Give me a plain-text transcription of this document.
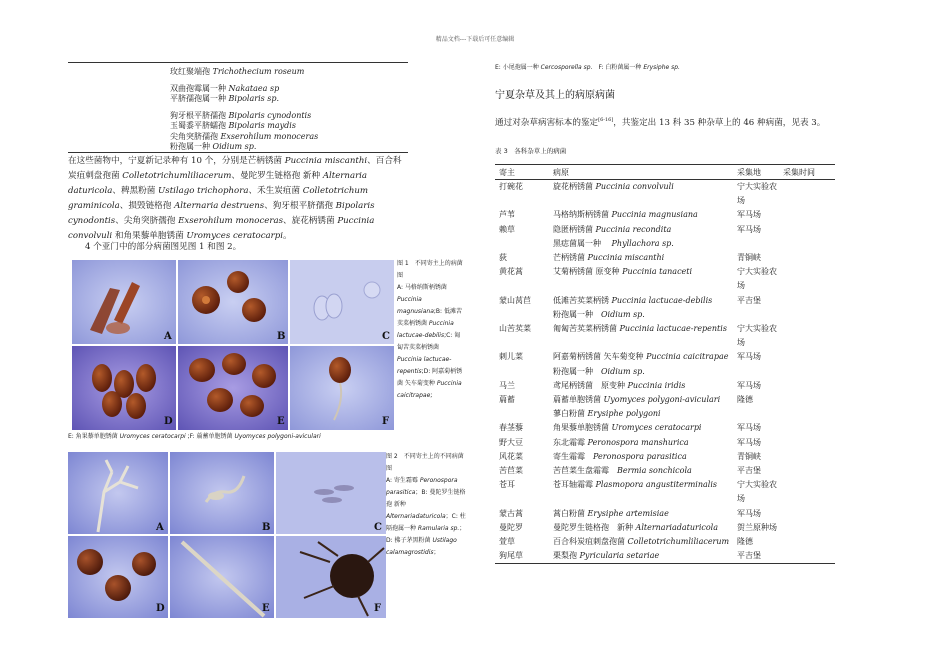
精品文档---下载后可任意编辑
玫红聚端孢 Trichothecium roseum
双曲孢霉属一种 Nakataea sp
平脐孺孢属一种 Bipolaris sp.
狗牙根平脐孺孢 Bipolaris cynodontis
玉蜀黍平脐蠕孢 Bipolaris maydis
尖角突脐孺孢 Exserohilum monoceras
粉孢属一种 Oidium sp.
在这些菌物中，宁夏新记录种有 10 个，分别是芒柄锈菌 Puccinia miscanthi、百合科炭疽刺盘孢菌 Colletotrichumliliacerum、曼陀罗生链格孢 新种 Alternaria daturicola、稗黑粉菌 Ustilago trichophora、禾生炭疽菌 Colletotrichum graminicola、损毁链格孢 Alternaria destruens、狗牙根平脐孺孢 Bipolaris cynodontis、尖角突脐孺孢 Exserohilum monoceras、旋花柄锈菌 Puccinia convolvuli 和角果藜单胞锈菌 Uromyces ceratocarpi。
4 个亚门中的部分病菌图见图 1 和图 2。
A	B	C
D	E	F
图 1　不同寄主上的病菌图
A: 马格纳斯柄锈菌 Puccinia magnusiana;B: 低滩苦荬菜柄锈菌 Puccinia lactucae-debilis;C: 匍匐苦荬菜柄锈菌 Puccinia lactucae-repentis;D: 阿嘉菊柄锈菌 矢车菊变种 Puccinia caicitrapae;
E: 角果藜单胞锈菌 Uromyces ceratocarpi ;F: 萹蓄单胞锈菌 Uyomyces polygoni-aviculari
A	B	C
D	E	F
图 2　不同寄主上的不同病菌图
A: 寄生霜霉 Peronospora parasitica；B: 曼陀罗生链格孢 新种 Alternariadaturicola；C: 柱隔孢属一种 Ramularia sp.；D: 拂子茅黑粉菌 Ustilago calamagrostidis；
E: 小尾孢属一种 Cercosporella sp.　F: 白粉菌属一种 Erysiphe sp.
宁夏杂草及其上的病原病菌
通过对杂草病害标本的鉴定[6-16]，共鉴定出 13 科 35 种杂草上的 46 种病菌，见表 3。
表 3　各科杂草上的病菌
寄主	病原	采集地	采集时间
打碗花	旋花柄锈菌 Puccinia convolvuli	宁大实验农场	
芦苇	马格纳斯柄锈菌 Puccinia magnusiana	军马场	
赖草	隐匿柄锈菌 Puccinia recondita	军马场	
	黑痣菌属一种　 Phyllachora sp.		
荻	芒柄锈菌 Puccinia miscanthi	青铜峡	
黄花蒿	艾菊柄锈菌 原变种 Puccinia tanaceti	宁大实验农场	
蒙山莴苣	低滩苦荬菜柄锈 Puccinia lactucae-debilis	平吉堡	
	粉孢属一种　Oidium sp.		
山苦荬菜	匍匐苦荬菜柄锈菌 Puccinia lactucae-repentis	宁大实验农场	
刺儿菜	阿嘉菊柄锈菌 矢车菊变种 Puccinia caicitrapae	军马场	
	粉孢属一种　Oidium sp.		
马兰	鸢尾柄锈菌　原变种 Puccinia iridis	军马场	
萹蓄	萹蓄单胞锈菌 Uyomyces polygoni-aviculari	隆德	
	蓼白粉菌 Erysiphe polygoni		
春茎藜	角果藜单胞锈菌 Uromyces ceratocarpi	军马场	
野大豆	东北霜霉 Peronospora manshurica	军马场	
风花菜	寄生霜霉　Peronospora parasitica	青铜峡	
苦苣菜	苦苣菜生盘霜霉　Bermia sonchicola	平吉堡	
苍耳	苍耳轴霜霉 Plasmopora angustiterminalis	宁大实验农场	
蒙古蒿	蒿白粉菌 Erysiphe artemisiae	军马场	
曼陀罗	曼陀罗生链格孢　新种 Alternariadaturicola	贺兰原种场	
萱草	百合科炭疽刺盘孢菌 Colletotrichumliliacerum	隆德	
狗尾草	栗梨孢 Pyricularia setariae	平吉堡	
